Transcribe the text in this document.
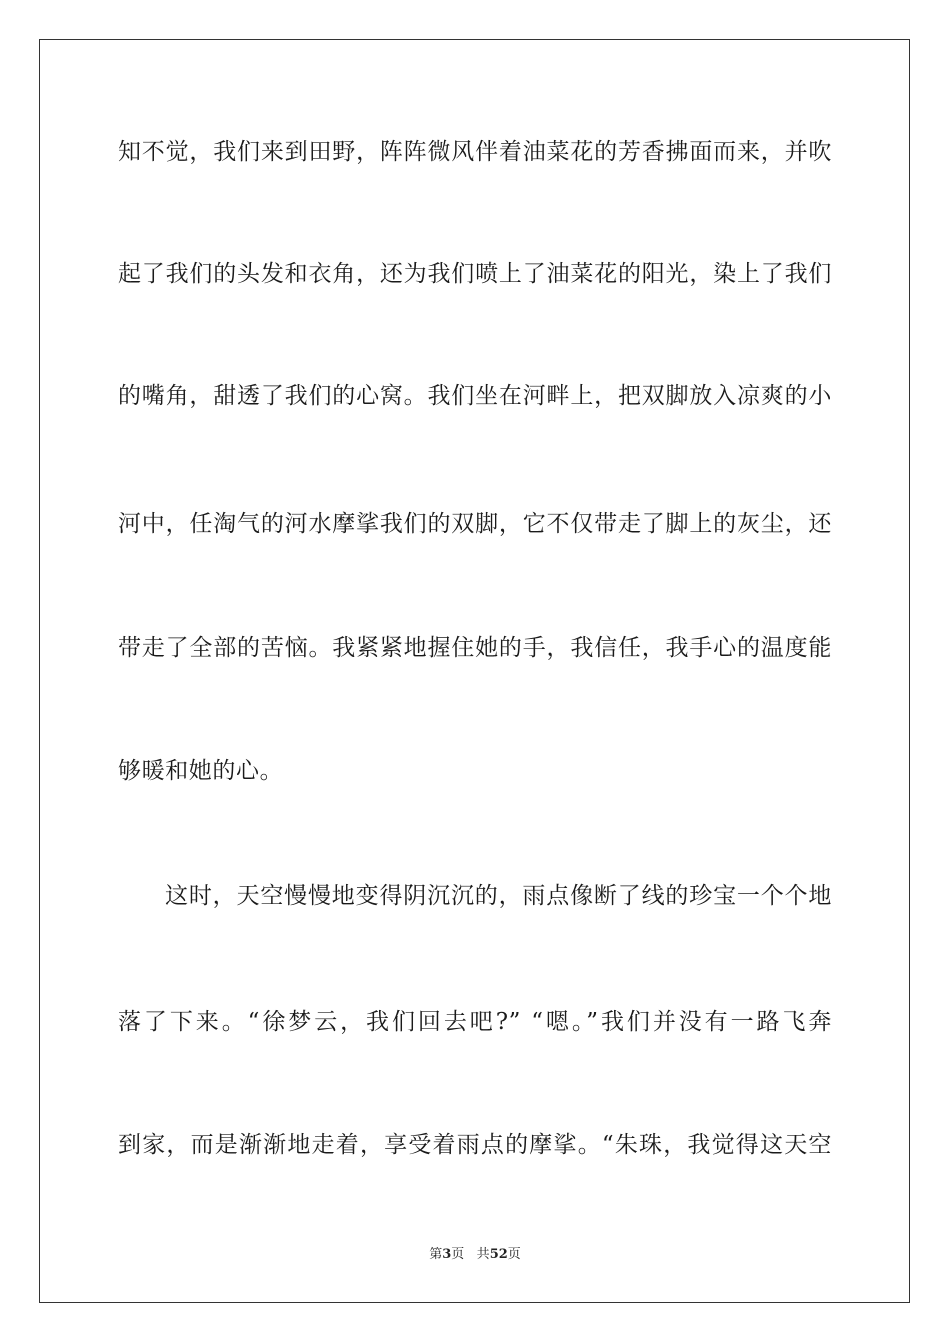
知不觉，我们来到田野，阵阵微风伴着油菜花的芳香拂面而来，并吹
起了我们的头发和衣角，还为我们喷上了油菜花的阳光，染上了我们
的嘴角，甜透了我们的心窝。我们坐在河畔上，把双脚放入凉爽的小
河中，任淘气的河水摩挲我们的双脚，它不仅带走了脚上的灰尘，还
带走了全部的苦恼。我紧紧地握住她的手，我信任，我手心的温度能
够暖和她的心。
这时，天空慢慢地变得阴沉沉的，雨点像断了线的珍宝一个个地
落了下来。“徐梦云，我们回去吧?” “嗯。”我们并没有一路飞奔
到家，而是渐渐地走着，享受着雨点的摩挲。“朱珠，我觉得这天空
第3页 共52页
